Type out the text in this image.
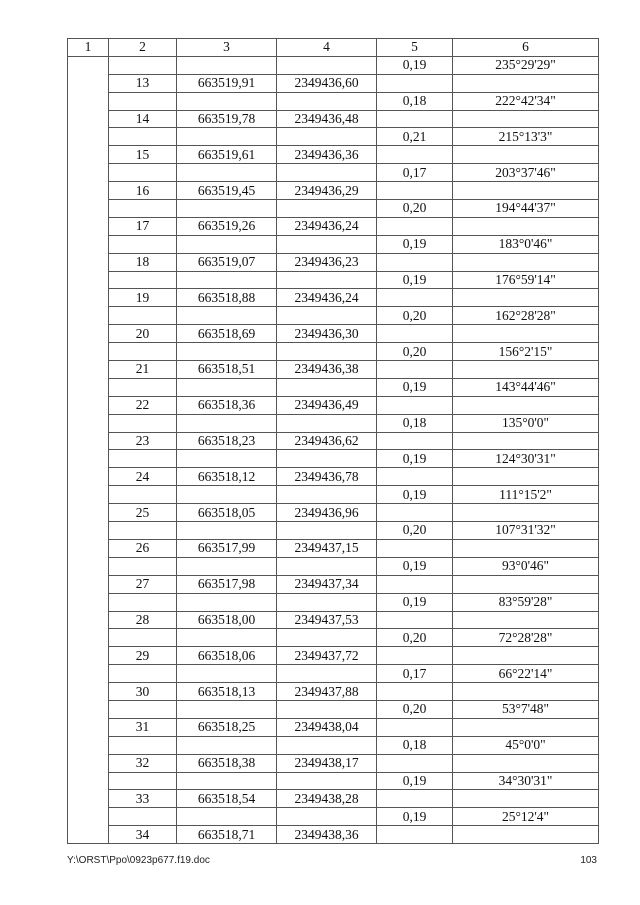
1	2	3	4	5	6
				0,19	235°29'29"
	13	663519,91	2349436,60		
				0,18	222°42'34"
	14	663519,78	2349436,48		
				0,21	215°13'3"
	15	663519,61	2349436,36		
				0,17	203°37'46"
	16	663519,45	2349436,29		
				0,20	194°44'37"
	17	663519,26	2349436,24		
				0,19	183°0'46"
	18	663519,07	2349436,23		
				0,19	176°59'14"
	19	663518,88	2349436,24		
				0,20	162°28'28"
	20	663518,69	2349436,30		
				0,20	156°2'15"
	21	663518,51	2349436,38		
				0,19	143°44'46"
	22	663518,36	2349436,49		
				0,18	135°0'0"
	23	663518,23	2349436,62		
				0,19	124°30'31"
	24	663518,12	2349436,78		
				0,19	111°15'2"
	25	663518,05	2349436,96		
				0,20	107°31'32"
	26	663517,99	2349437,15		
				0,19	93°0'46"
	27	663517,98	2349437,34		
				0,19	83°59'28"
	28	663518,00	2349437,53		
				0,20	72°28'28"
	29	663518,06	2349437,72		
				0,17	66°22'14"
	30	663518,13	2349437,88		
				0,20	53°7'48"
	31	663518,25	2349438,04		
				0,18	45°0'0"
	32	663518,38	2349438,17		
				0,19	34°30'31"
	33	663518,54	2349438,28		
				0,19	25°12'4"
	34	663518,71	2349438,36		
Y:\ORST\Ppo\0923p677.f19.doc	103
